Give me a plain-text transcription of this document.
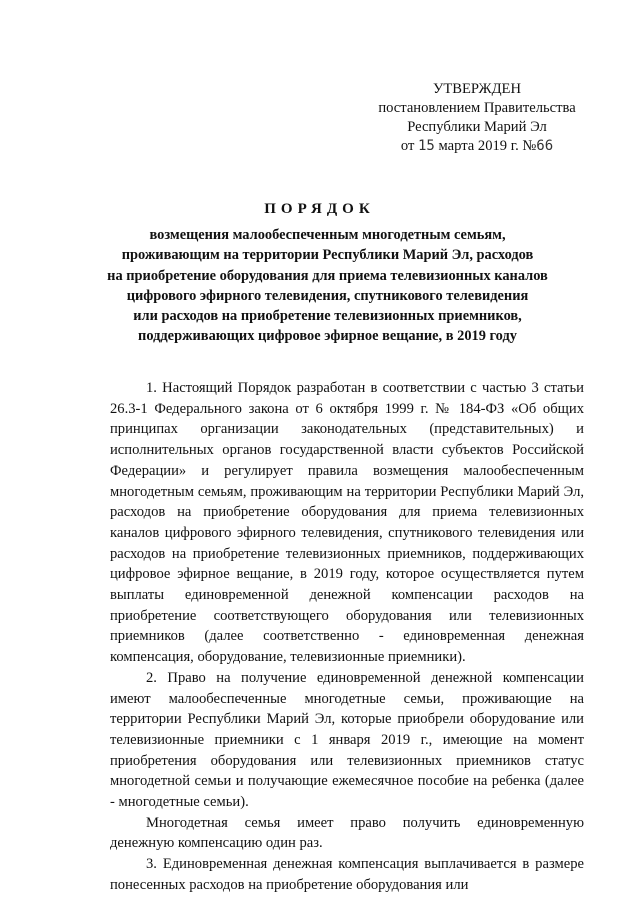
УТВЕРЖДЕН
постановлением Правительства
Республики Марий Эл
от 15 марта 2019 г. №66
ПОРЯДОК
возмещения малообеспеченным многодетным семьям,
проживающим на территории Республики Марий Эл, расходов
на приобретение оборудования для приема телевизионных каналов
цифрового эфирного телевидения, спутникового телевидения
или расходов на приобретение телевизионных приемников,
поддерживающих цифровое эфирное вещание, в 2019 году

1. Настоящий Порядок разработан в соответствии с частью 3 статьи 26.3-1 Федерального закона от 6 октября 1999 г. № 184-ФЗ «Об общих принципах организации законодательных (представительных) и исполнительных органов государственной власти субъектов Российской Федерации» и регулирует правила возмещения малообеспеченным многодетным семьям, проживающим на территории Республики Марий Эл, расходов на приобретение оборудования для приема телевизионных каналов цифрового эфирного телевидения, спутникового телевидения или расходов на приобретение телевизионных приемников, поддерживающих цифровое эфирное вещание, в 2019 году, которое осуществляется путем выплаты единовременной денежной компенсации расходов на приобретение соответствующего оборудования или телевизионных приемников (далее соответственно - единовременная денежная компенсация, оборудование, телевизионные приемники).

2. Право на получение единовременной денежной компенсации имеют малообеспеченные многодетные семьи, проживающие на территории Республики Марий Эл, которые приобрели оборудование или телевизионные приемники с 1 января 2019 г., имеющие на момент приобретения оборудования или телевизионных приемников статус многодетной семьи и получающие ежемесячное пособие на ребенка (далее - многодетные семьи).

Многодетная семья имеет право получить единовременную денежную компенсацию один раз.

3. Единовременная денежная компенсация выплачивается в размере понесенных расходов на приобретение оборудования или
